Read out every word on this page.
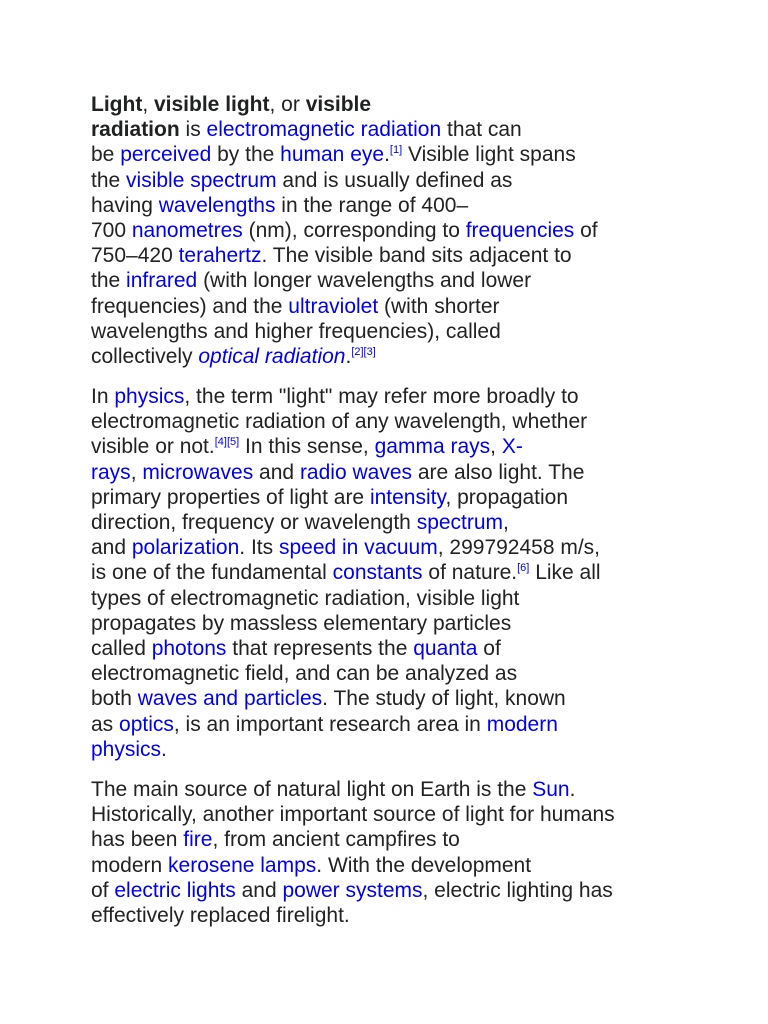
Light, visible light, or visible
radiation is electromagnetic radiation that can
be perceived by the human eye.[1] Visible light spans
the visible spectrum and is usually defined as
having wavelengths in the range of 400–
700 nanometres (nm), corresponding to frequencies of
750–420 terahertz. The visible band sits adjacent to
the infrared (with longer wavelengths and lower
frequencies) and the ultraviolet (with shorter
wavelengths and higher frequencies), called
collectively optical radiation.[2][3]

In physics, the term "light" may refer more broadly to
electromagnetic radiation of any wavelength, whether
visible or not.[4][5] In this sense, gamma rays, X-
rays, microwaves and radio waves are also light. The
primary properties of light are intensity, propagation
direction, frequency or wavelength spectrum,
and polarization. Its speed in vacuum, 299792458 m/s,
is one of the fundamental constants of nature.[6] Like all
types of electromagnetic radiation, visible light
propagates by massless elementary particles
called photons that represents the quanta of
electromagnetic field, and can be analyzed as
both waves and particles. The study of light, known
as optics, is an important research area in modern
physics.

The main source of natural light on Earth is the Sun.
Historically, another important source of light for humans
has been fire, from ancient campfires to
modern kerosene lamps. With the development
of electric lights and power systems, electric lighting has
effectively replaced firelight.
